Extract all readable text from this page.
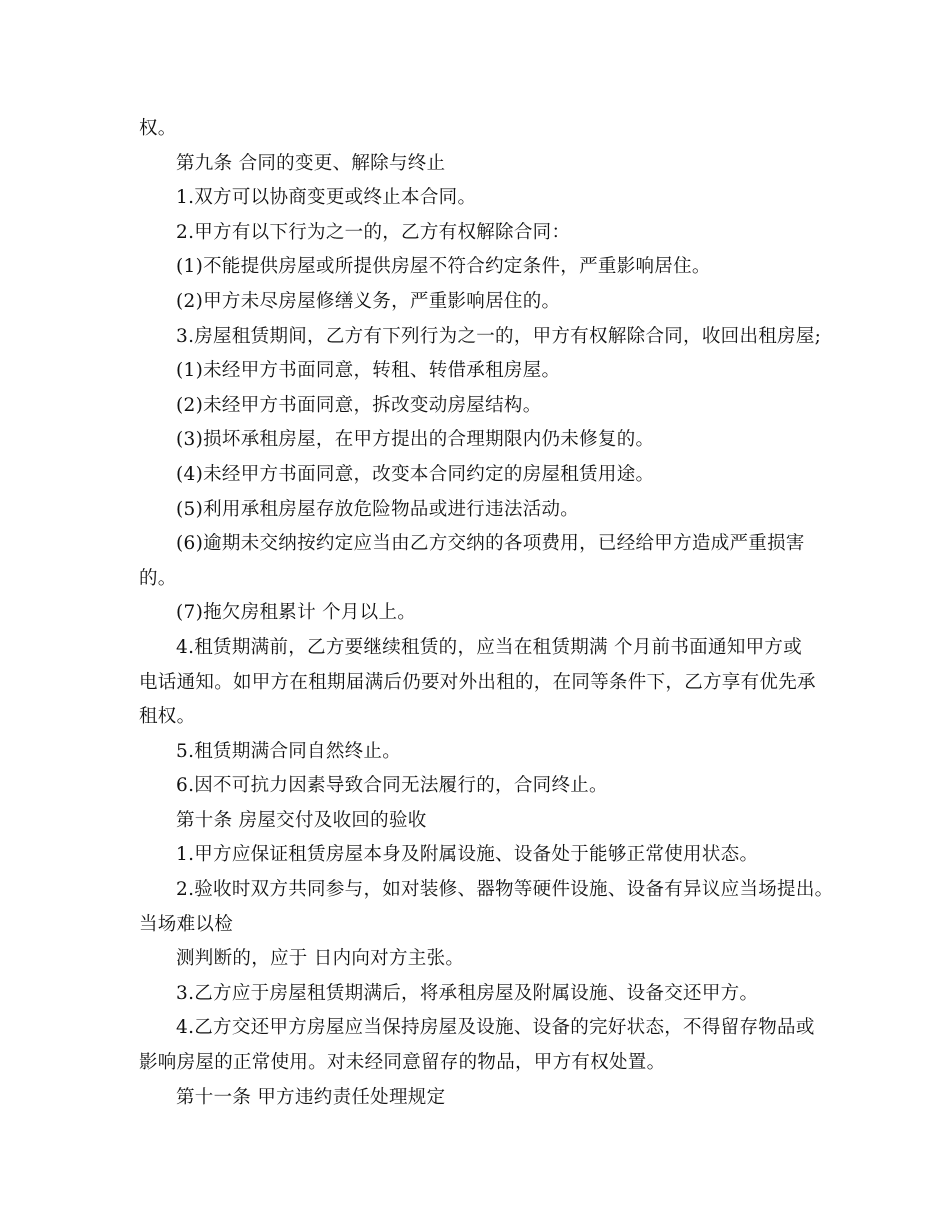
权。
第九条 合同的变更、解除与终止
1.双方可以协商变更或终止本合同。
2.甲方有以下行为之一的，乙方有权解除合同：
(1)不能提供房屋或所提供房屋不符合约定条件，严重影响居住。
(2)甲方未尽房屋修缮义务，严重影响居住的。
3.房屋租赁期间，乙方有下列行为之一的，甲方有权解除合同，收回出租房屋;
(1)未经甲方书面同意，转租、转借承租房屋。
(2)未经甲方书面同意，拆改变动房屋结构。
(3)损坏承租房屋，在甲方提出的合理期限内仍未修复的。
(4)未经甲方书面同意，改变本合同约定的房屋租赁用途。
(5)利用承租房屋存放危险物品或进行违法活动。
(6)逾期未交纳按约定应当由乙方交纳的各项费用，已经给甲方造成严重损害
的。
(7)拖欠房租累计 个月以上。
4.租赁期满前，乙方要继续租赁的，应当在租赁期满 个月前书面通知甲方或
电话通知。如甲方在租期届满后仍要对外出租的，在同等条件下，乙方享有优先承
租权。
5.租赁期满合同自然终止。
6.因不可抗力因素导致合同无法履行的，合同终止。
第十条 房屋交付及收回的验收
1.甲方应保证租赁房屋本身及附属设施、设备处于能够正常使用状态。
2.验收时双方共同参与，如对装修、器物等硬件设施、设备有异议应当场提出。
当场难以检
测判断的，应于 日内向对方主张。
3.乙方应于房屋租赁期满后，将承租房屋及附属设施、设备交还甲方。
4.乙方交还甲方房屋应当保持房屋及设施、设备的完好状态，不得留存物品或
影响房屋的正常使用。对未经同意留存的物品，甲方有权处置。
第十一条 甲方违约责任处理规定
